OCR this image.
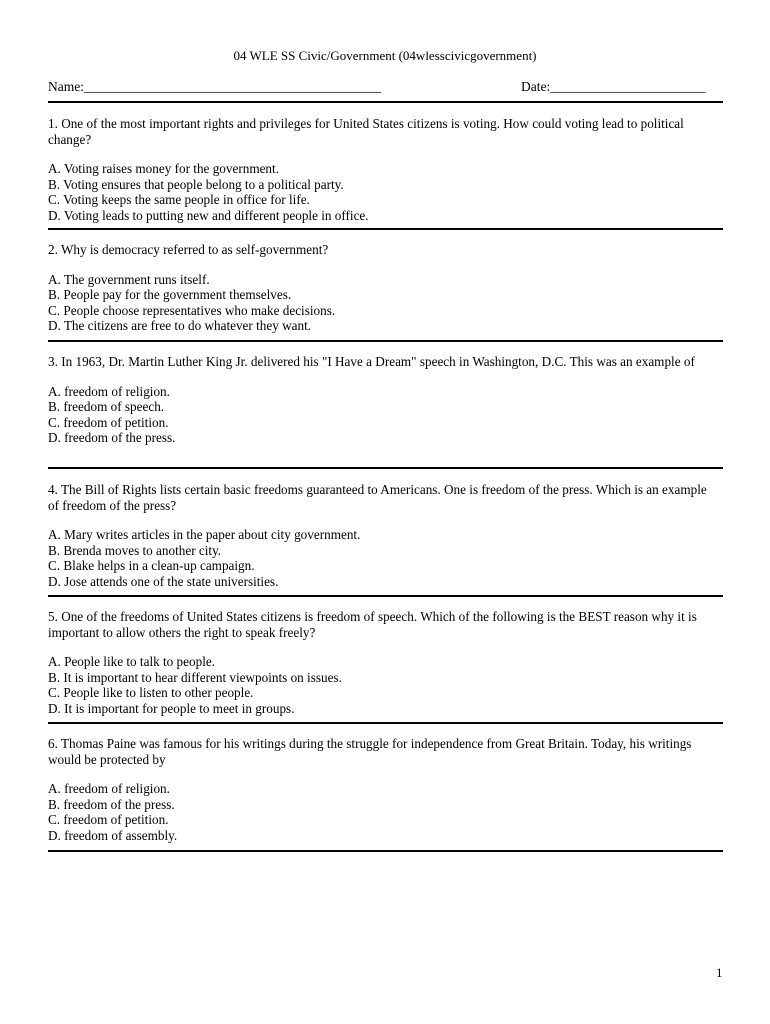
04 WLE SS Civic/Government (04wlesscivicgovernment)
Name:____________________________________________	Date:_______________________

1. One of the most important rights and privileges for United States citizens is voting. How could voting lead to political change?

A. Voting raises money for the government.

B. Voting ensures that people belong to a political party.

C. Voting keeps the same people in office for life.

D. Voting leads to putting new and different people in office.

2. Why is democracy referred to as self-government?

A. The government runs itself.

B. People pay for the government themselves.

C. People choose representatives who make decisions.

D. The citizens are free to do whatever they want.

3. In 1963, Dr. Martin Luther King Jr. delivered his "I Have a Dream" speech in Washington, D.C. This was an example of

A. freedom of religion.

B. freedom of speech.

C. freedom of petition.

D. freedom of the press.

4. The Bill of Rights lists certain basic freedoms guaranteed to Americans. One is freedom of the press. Which is an example of freedom of the press?

A. Mary writes articles in the paper about city government.

B. Brenda moves to another city.

C. Blake helps in a clean-up campaign.

D. Jose attends one of the state universities.

5. One of the freedoms of United States citizens is freedom of speech. Which of the following is the BEST reason why it is important to allow others the right to speak freely?

A. People like to talk to people.

B. It is important to hear different viewpoints on issues.

C. People like to listen to other people.

D. It is important for people to meet in groups.

6. Thomas Paine was famous for his writings during the struggle for independence from Great Britain. Today, his writings would be protected by

A. freedom of religion.

B. freedom of the press.

C. freedom of petition.

D. freedom of assembly.

1
